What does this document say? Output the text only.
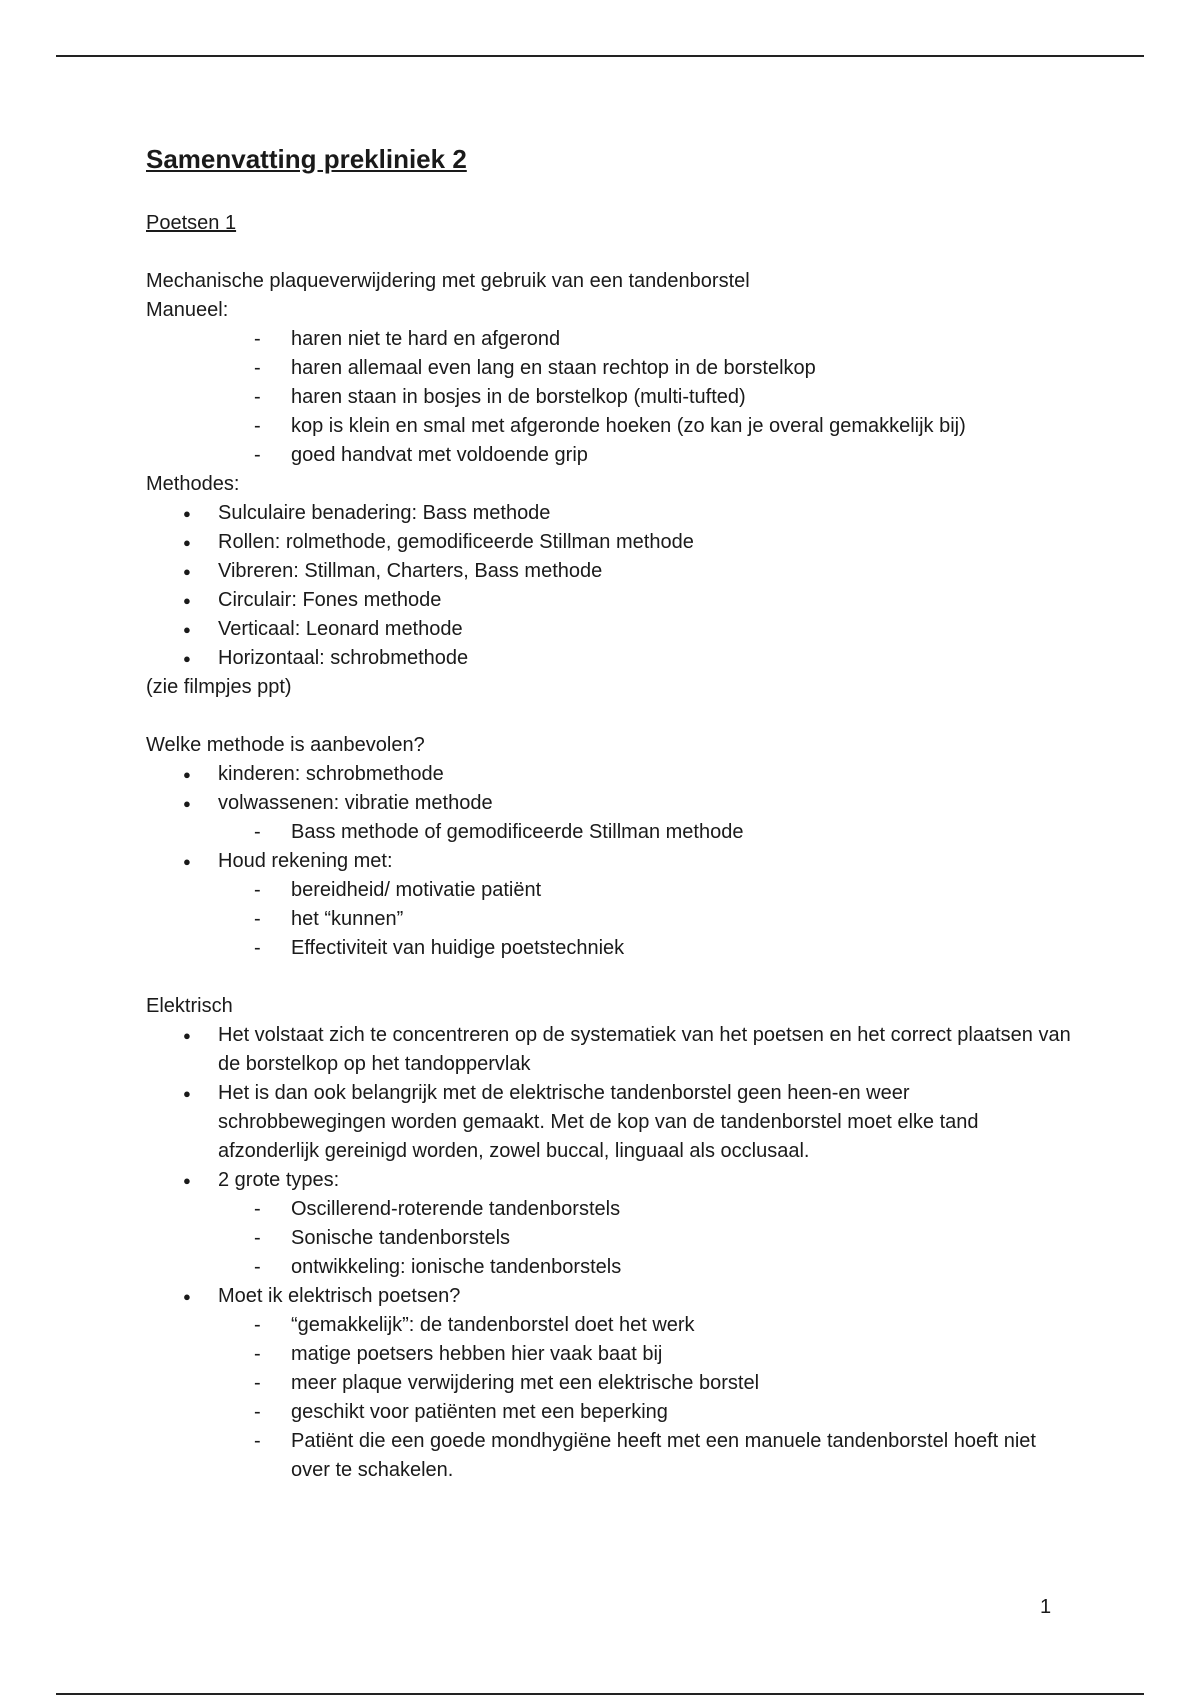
Samenvatting prekliniek 2

Poetsen 1

Mechanische plaqueverwijdering met gebruik van een tandenborstel

Manueel:

- haren niet te hard en afgerond
- haren allemaal even lang en staan rechtop in de borstelkop
- haren staan in bosjes in de borstelkop (multi-tufted)
- kop is klein en smal met afgeronde hoeken (zo kan je overal gemakkelijk bij)
- goed handvat met voldoende grip

Methodes:

● Sulculaire benadering: Bass methode
● Rollen: rolmethode, gemodificeerde Stillman methode
● Vibreren: Stillman, Charters, Bass methode
● Circulair: Fones methode
● Verticaal: Leonard methode
● Horizontaal: schrobmethode

(zie filmpjes ppt)

Welke methode is aanbevolen?

● kinderen: schrobmethode
● volwassenen: vibratie methode
- Bass methode of gemodificeerde Stillman methode
● Houd rekening met:
- bereidheid/ motivatie patiënt
- het “kunnen”
- Effectiviteit van huidige poetstechniek

Elektrisch

● Het volstaat zich te concentreren op de systematiek van het poetsen en het correct plaatsen van de borstelkop op het tandoppervlak
● Het is dan ook belangrijk met de elektrische tandenborstel geen heen-en weer schrobbewegingen worden gemaakt. Met de kop van de tandenborstel moet elke tand afzonderlijk gereinigd worden, zowel buccal, linguaal als occlusaal.
● 2 grote types:
- Oscillerend-roterende tandenborstels
- Sonische tandenborstels
- ontwikkeling: ionische tandenborstels
● Moet ik elektrisch poetsen?
- “gemakkelijk”: de tandenborstel doet het werk
- matige poetsers hebben hier vaak baat bij
- meer plaque verwijdering met een elektrische borstel
- geschikt voor patiënten met een beperking
- Patiënt die een goede mondhygiëne heeft met een manuele tandenborstel hoeft niet over te schakelen.
1
